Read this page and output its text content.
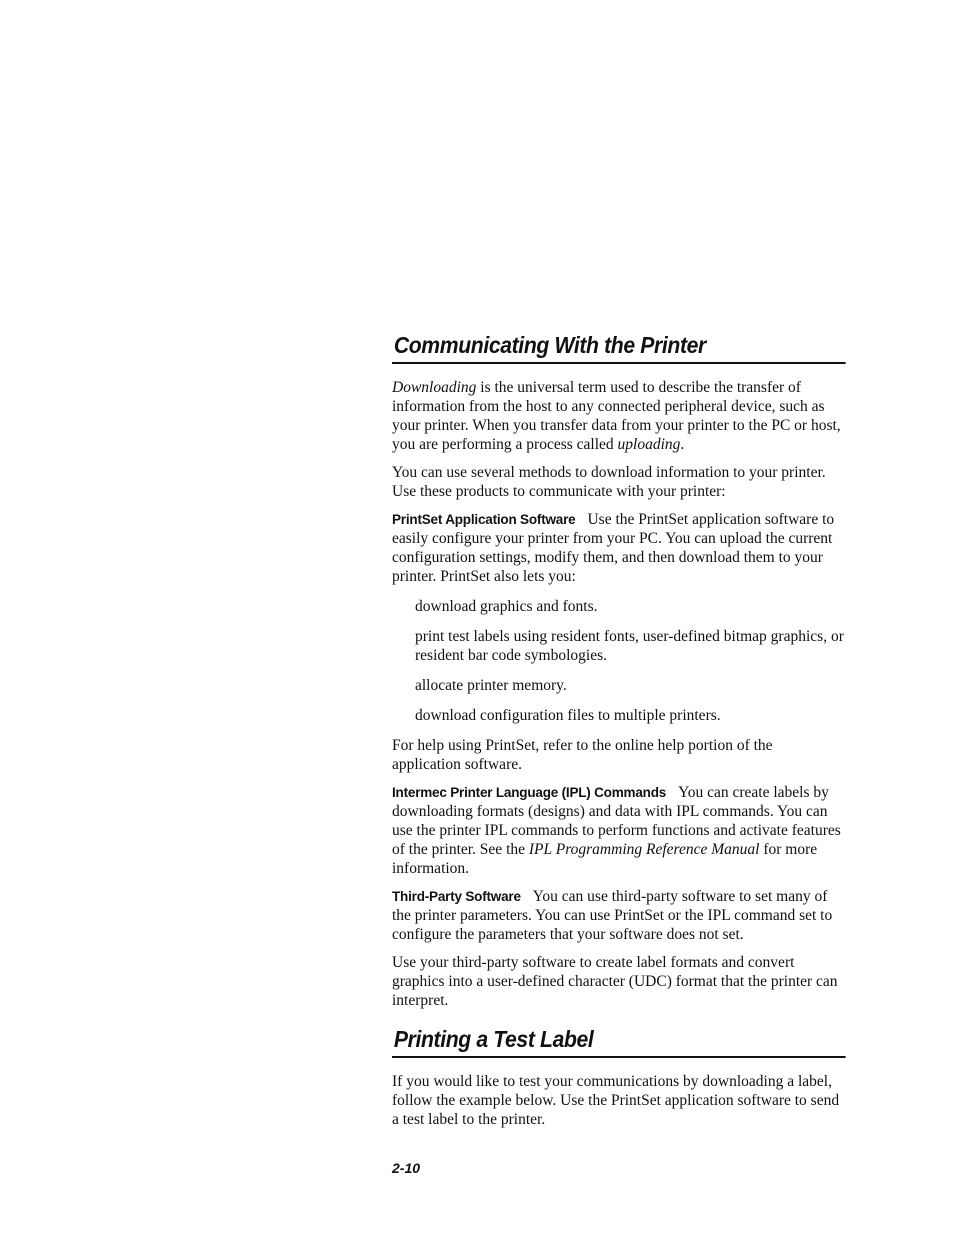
Communicating With the Printer

Downloading is the universal term used to describe the transfer of information from the host to any connected peripheral device, such as your printer. When you transfer data from your printer to the PC or host, you are performing a process called uploading.

You can use several methods to download information to your printer. Use these products to communicate with your printer:

PrintSet Application Software Use the PrintSet application software to easily configure your printer from your PC. You can upload the current configuration settings, modify them, and then download them to your printer. PrintSet also lets you:

download graphics and fonts.

print test labels using resident fonts, user-defined bitmap graphics, or resident bar code symbologies.

allocate printer memory.

download configuration files to multiple printers.

For help using PrintSet, refer to the online help portion of the application software.

Intermec Printer Language (IPL) Commands You can create labels by downloading formats (designs) and data with IPL commands. You can use the printer IPL commands to perform functions and activate features of the printer. See the IPL Programming Reference Manual for more information.

Third-Party Software You can use third-party software to set many of the printer parameters. You can use PrintSet or the IPL command set to configure the parameters that your software does not set.

Use your third-party software to create label formats and convert graphics into a user-defined character (UDC) format that the printer can interpret.

Printing a Test Label

If you would like to test your communications by downloading a label, follow the example below. Use the PrintSet application software to send a test label to the printer.

2-10
